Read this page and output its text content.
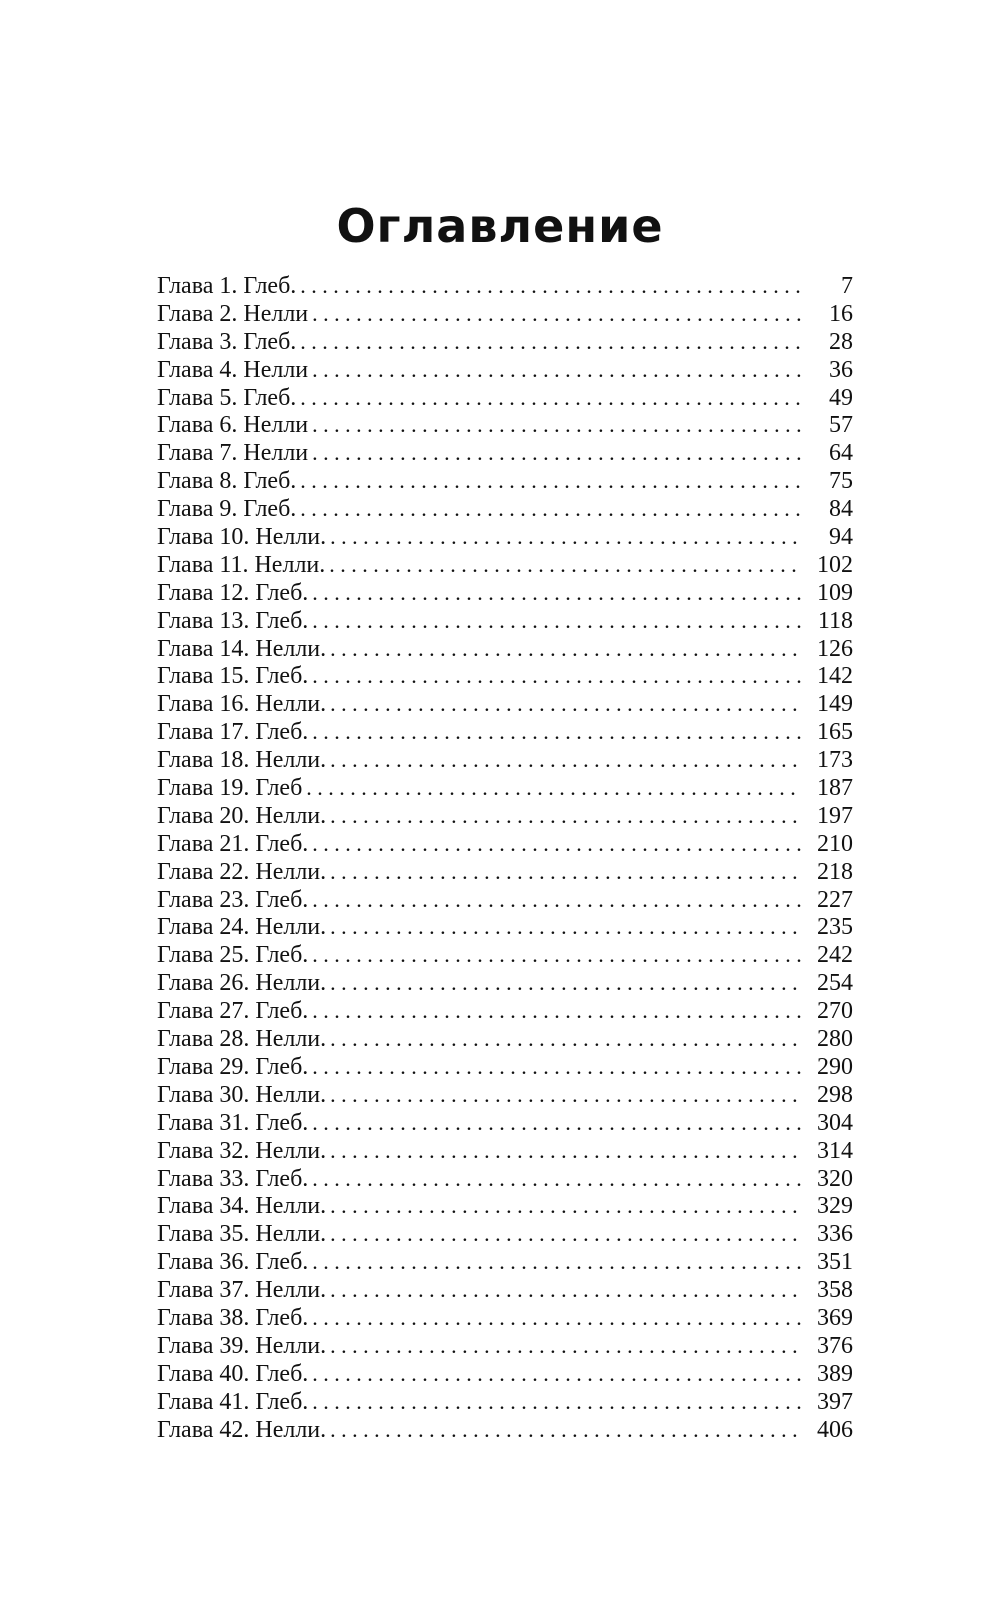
Оглавление
Глава 1. Глеб. . . .	7
Глава 2. Нелли . . .	16
Глава 3. Глеб. . . .	28
Глава 4. Нелли . . .	36
Глава 5. Глеб. . . .	49
Глава 6. Нелли . . .	57
Глава 7. Нелли . . .	64
Глава 8. Глеб. . . .	75
Глава 9. Глеб. . . .	84
Глава 10. Нелли. . . .	94
Глава 11. Нелли. . . .	102
Глава 12. Глеб. . . .	109
Глава 13. Глеб. . . .	118
Глава 14. Нелли. . . .	126
Глава 15. Глеб. . . .	142
Глава 16. Нелли. . . .	149
Глава 17. Глеб. . . .	165
Глава 18. Нелли. . . .	173
Глава 19. Глеб . . .	187
Глава 20. Нелли. . . .	197
Глава 21. Глеб. . . .	210
Глава 22. Нелли. . . .	218
Глава 23. Глеб. . . .	227
Глава 24. Нелли. . . .	235
Глава 25. Глеб. . . .	242
Глава 26. Нелли. . . .	254
Глава 27. Глеб. . . .	270
Глава 28. Нелли. . . .	280
Глава 29. Глеб. . . .	290
Глава 30. Нелли. . . .	298
Глава 31. Глеб. . . .	304
Глава 32. Нелли. . . .	314
Глава 33. Глеб. . . .	320
Глава 34. Нелли. . . .	329
Глава 35. Нелли. . . .	336
Глава 36. Глеб. . . .	351
Глава 37. Нелли. . . .	358
Глава 38. Глеб. . . .	369
Глава 39. Нелли. . . .	376
Глава 40. Глеб. . . .	389
Глава 41. Глеб. . . .	397
Глава 42. Нелли. . . .	406
